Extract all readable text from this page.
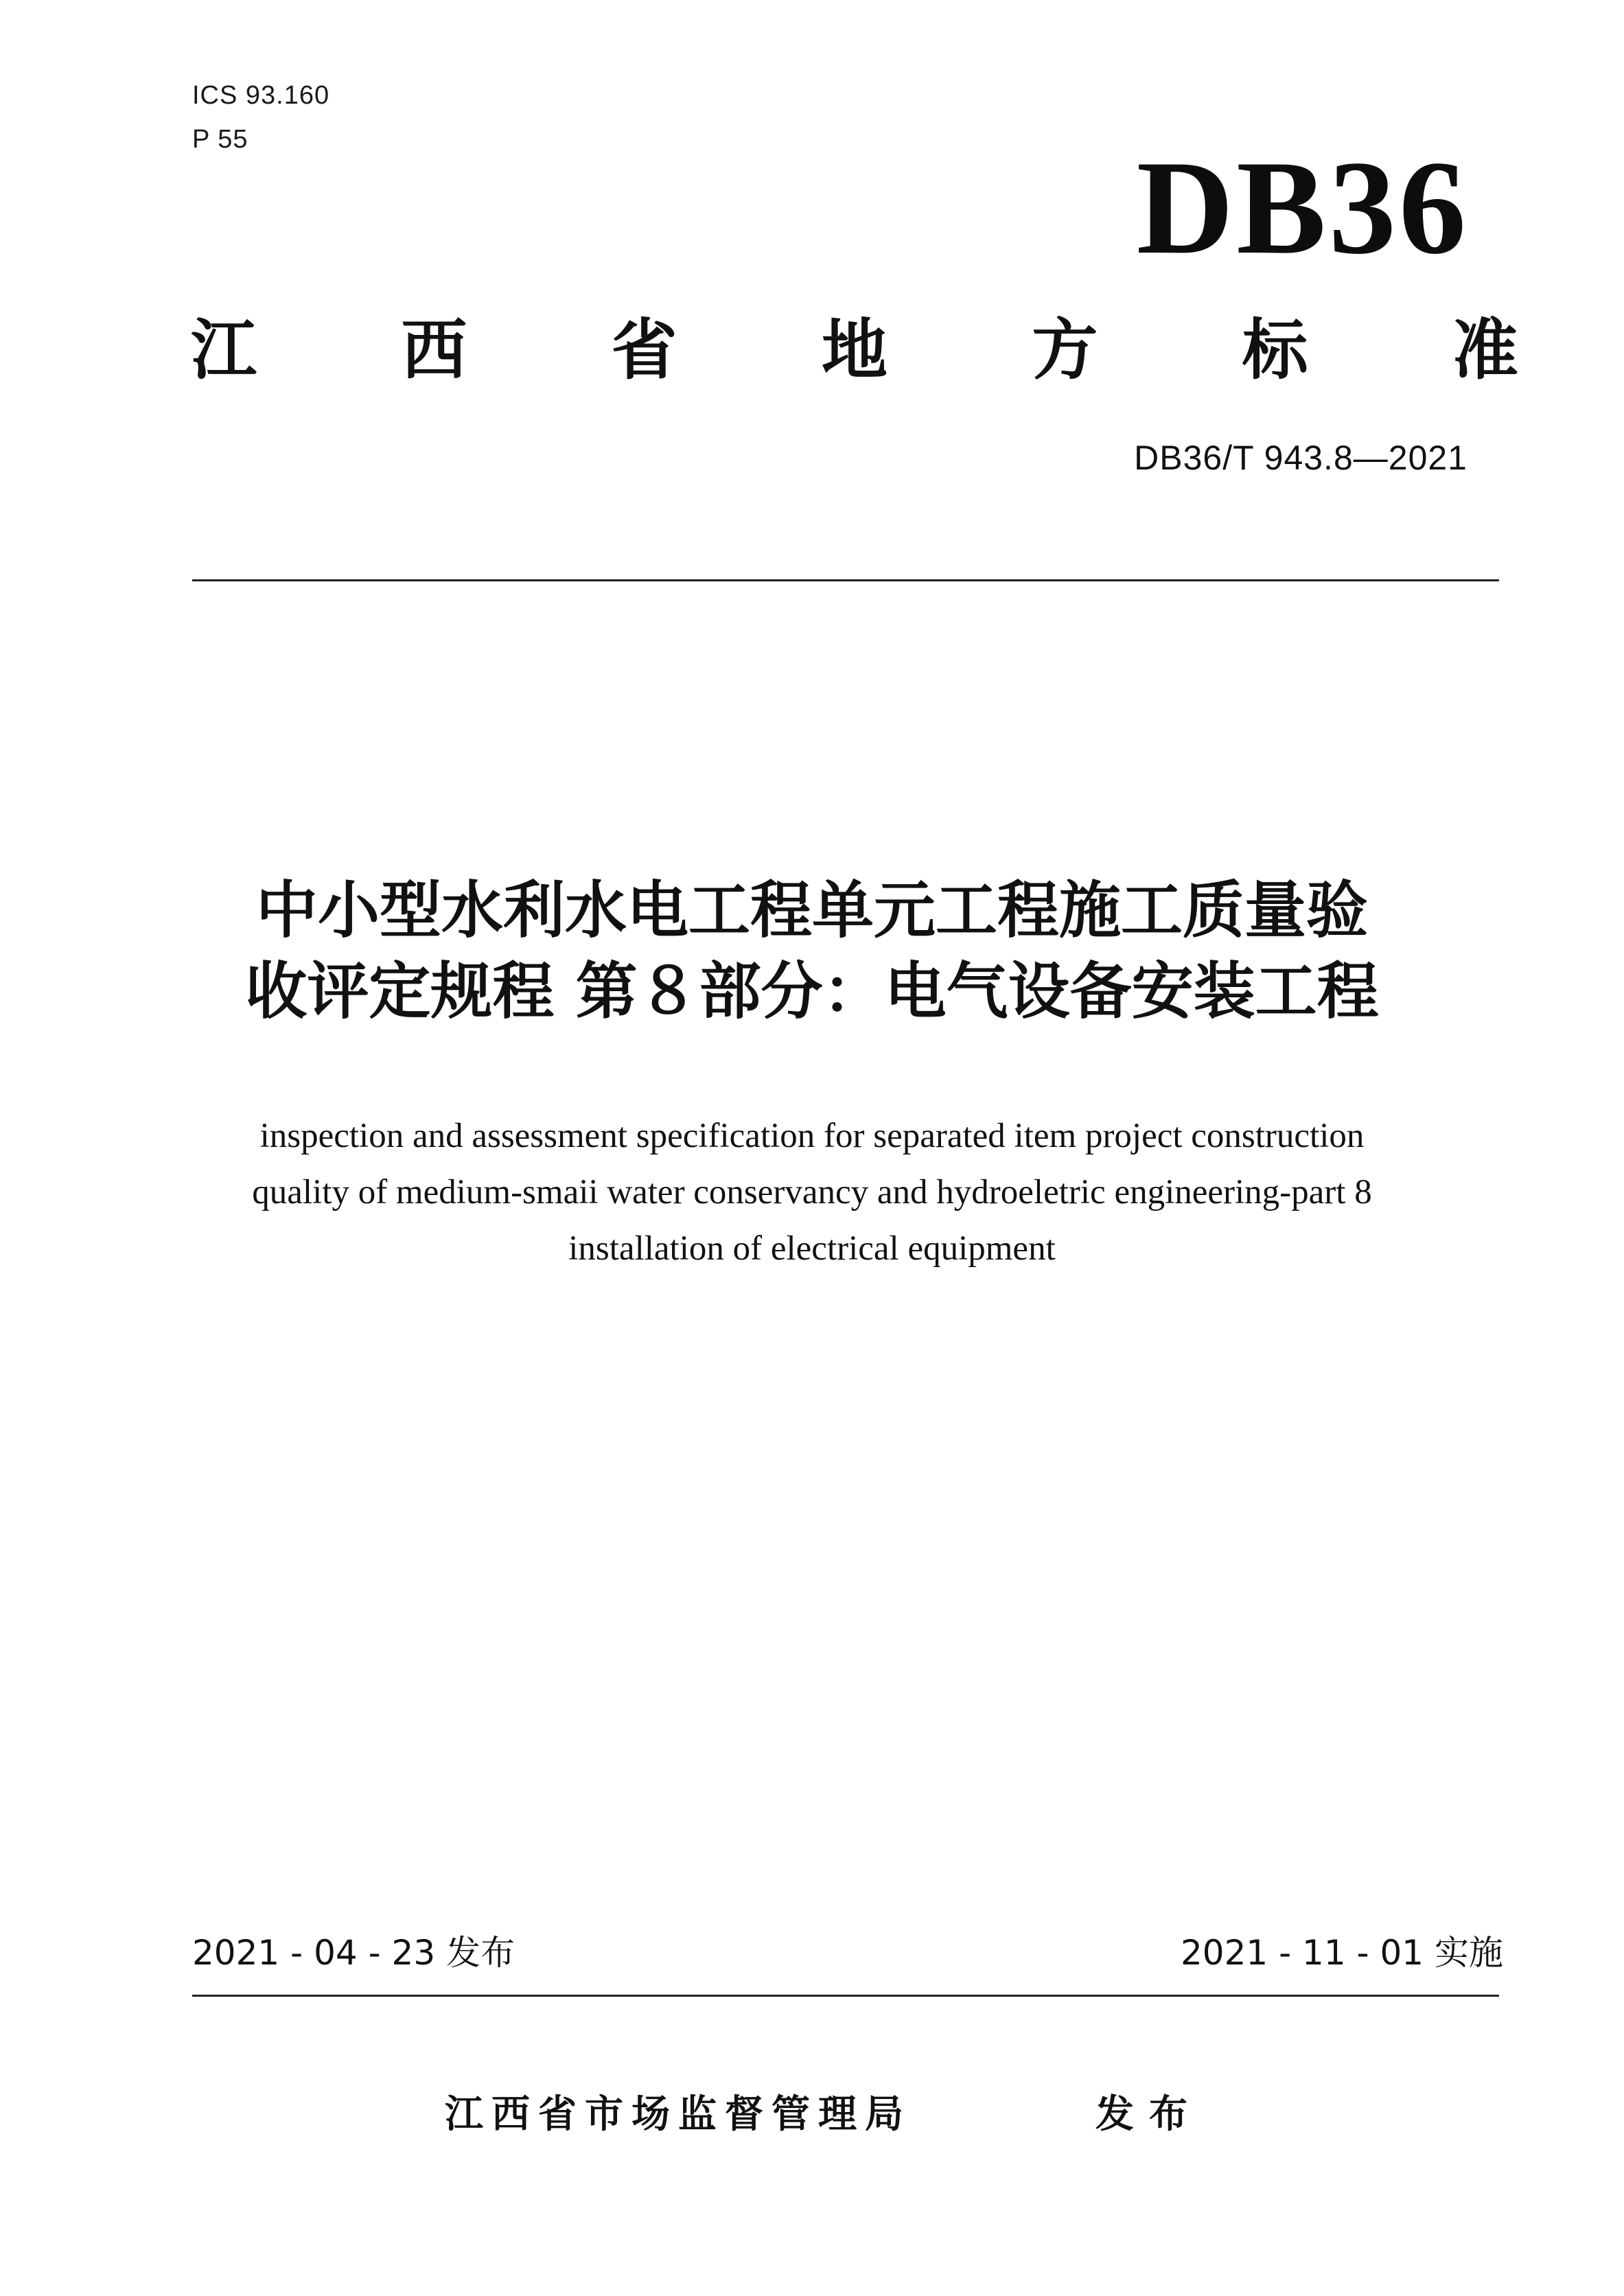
ICS 93.160
P 55	DB36
江 西 省 地 方 标 准
DB36/T 943.8—2021
中小型水利水电工程单元工程施工质量验
收评定规程 第８部分：电气设备安装工程
inspection and assessment specification for separated item project construction
quality of medium-smaii water conservancy and hydroeletric engineering-part 8
installation of electrical equipment
2021 - 04 - 23 发布	2021 - 11 - 01 实施
江西省市场监督管理局	发布
